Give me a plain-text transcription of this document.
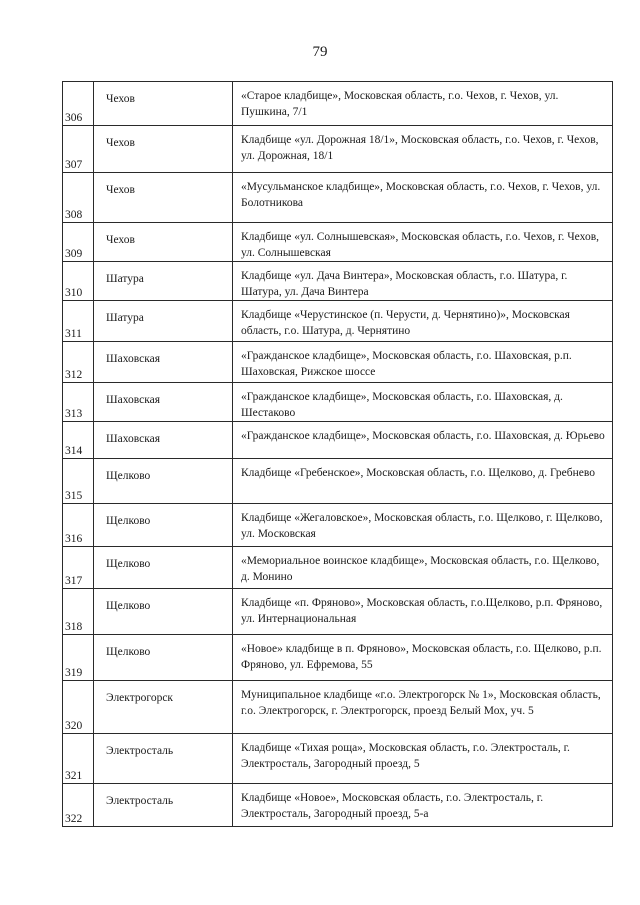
79
306	Чехов	«Старое кладбище», Московская область, г.о. Чехов, г. Чехов, ул. Пушкина, 7/1

307	Чехов	Кладбище «ул. Дорожная 18/1», Московская область, г.о. Чехов, г. Чехов, ул. Дорожная, 18/1

308	Чехов	«Мусульманское кладбище», Московская область, г.о. Чехов, г. Чехов, ул. Болотникова

309	Чехов	Кладбище «ул. Солнышевская», Московская область, г.о. Чехов, г. Чехов, ул. Солнышевская

310	Шатура	Кладбище «ул. Дача Винтера», Московская область, г.о. Шатура, г. Шатура, ул. Дача Винтера

311	Шатура	Кладбище «Черустинское (п. Черусти, д. Чернятино)», Московская область, г.о. Шатура, д. Чернятино

312	Шаховская	«Гражданское кладбище», Московская область, г.о. Шаховская, р.п. Шаховская, Рижское шоссе

313	Шаховская	«Гражданское кладбище», Московская область, г.о. Шаховская, д. Шестаково

314	Шаховская	«Гражданское кладбище», Московская область, г.о. Шаховская, д. Юрьево

315	Щелково	Кладбище «Гребенское», Московская область, г.о. Щелково, д. Гребнево

316	Щелково	Кладбище «Жегаловское», Московская область, г.о. Щелково, г. Щелково, ул. Московская

317	Щелково	«Мемориальное воинское кладбище», Московская область, г.о. Щелково, д. Монино

318	Щелково	Кладбище «п. Фряново», Московская область, г.о.Щелково, р.п. Фряново, ул. Интернациональная

319	Щелково	«Новое» кладбище в п. Фряново», Московская область, г.о. Щелково, р.п. Фряново, ул. Ефремова, 55

320	Электрогорск	Муниципальное кладбище «г.о. Электрогорск № 1», Московская область, г.о. Электрогорск, г. Электрогорск, проезд Белый Мох, уч. 5

321	Электросталь	Кладбище «Тихая роща», Московская область, г.о. Электросталь, г. Электросталь, Загородный проезд, 5

322	Электросталь	Кладбище «Новое», Московская область, г.о. Электросталь, г. Электросталь, Загородный проезд, 5-а
